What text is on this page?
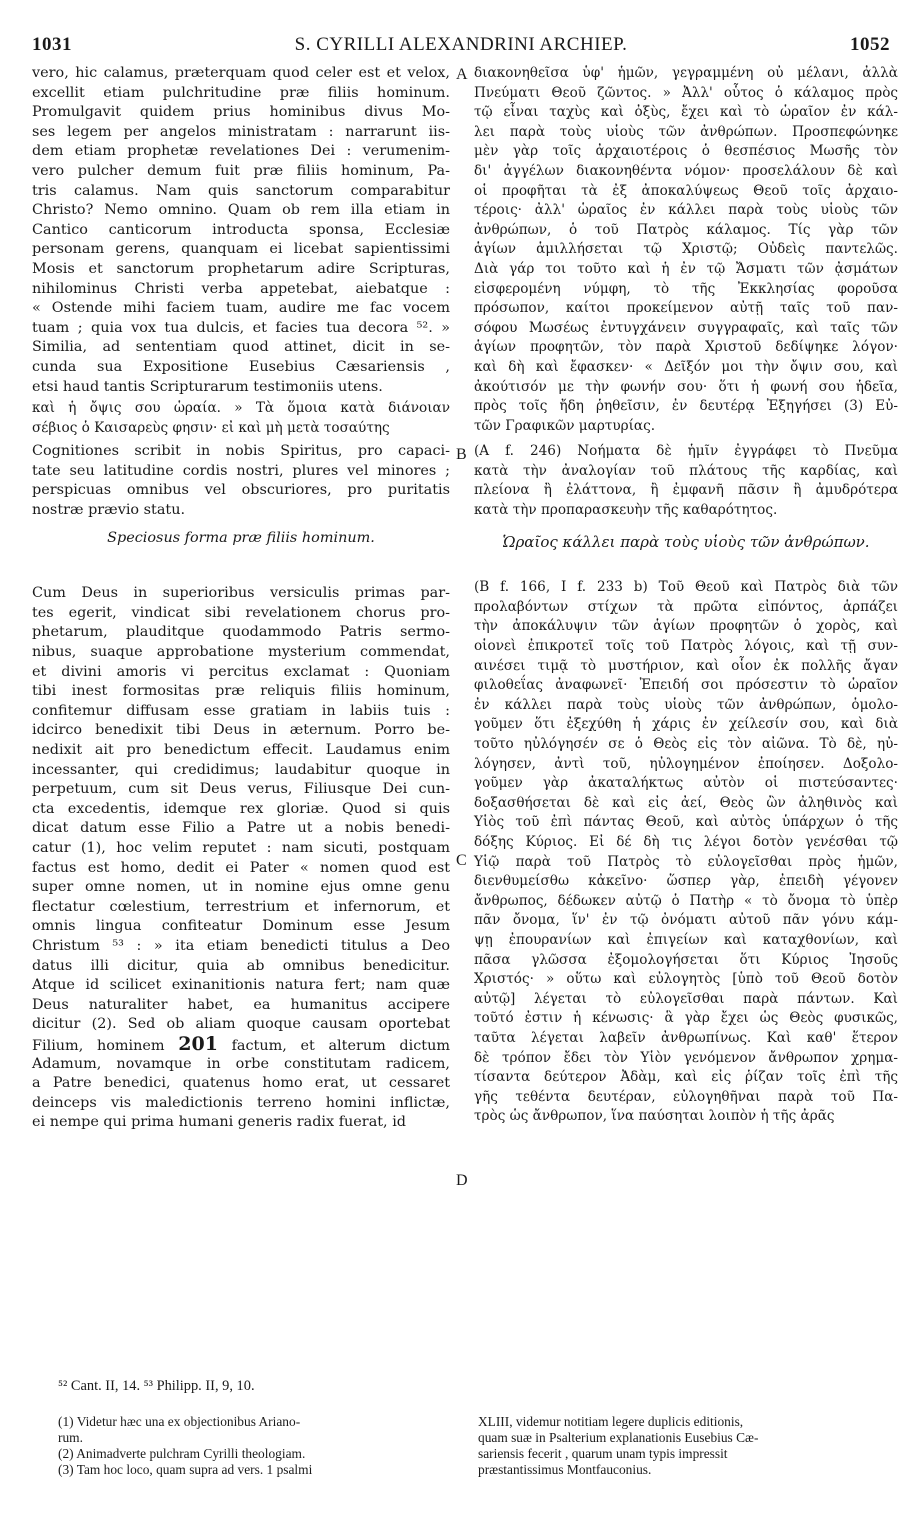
1031	S. CYRILLI ALEXANDRINI ARCHIEP.	1052
vero, hic calamus, præterquam quod celer est et velox,
excellit etiam pulchritudine præ filiis hominum.
Promulgavit quidem prius hominibus divus Mo-
ses legem per angelos ministratam : narrarunt iis-
dem etiam prophetæ revelationes Dei : verumenim-
vero pulcher demum fuit præ filiis hominum, Pa-
tris calamus. Nam quis sanctorum comparabitur
Christo? Nemo omnino. Quam ob rem illa etiam in
Cantico canticorum introducta sponsa, Ecclesiæ
personam gerens, quanquam ei licebat sapientissimi
Mosis et sanctorum prophetarum adire Scripturas,
nihilominus Christi verba appetebat, aiebatque :
« Ostende mihi faciem tuam, audire me fac vocem
tuam ; quia vox tua dulcis, et facies tua decora ⁵². »
Similia, ad sententiam quod attinet, dicit in se-
cunda sua Expositione Eusebius Cæsariensis ,
etsi haud tantis Scripturarum testimoniis utens.
καὶ ἡ ὄψις σου ὡραία. » Τὰ ὅμοια κατὰ διάνοιαν
σέβιος ὁ Καισαρεὺς φησιν· εἰ καὶ μὴ μετὰ τοσαύτης
Cognitiones scribit in nobis Spiritus, pro capaci-
tate seu latitudine cordis nostri, plures vel minores ;
perspicuas omnibus vel obscuriores, pro puritatis
nostræ prævio statu.
Speciosus forma præ filiis hominum.
Cum Deus in superioribus versiculis primas par-
tes egerit, vindicat sibi revelationem chorus pro-
phetarum, plauditque quodammodo Patris sermo-
nibus, suaque approbatione mysterium commendat,
et divini amoris vi percitus exclamat : Quoniam
tibi inest formositas præ reliquis filiis hominum,
confitemur diffusam esse gratiam in labiis tuis :
idcirco benedixit tibi Deus in æternum. Porro be-
nedixit ait pro benedictum effecit. Laudamus enim
incessanter, qui credidimus; laudabitur quoque in
perpetuum, cum sit Deus verus, Filiusque Dei cun-
cta excedentis, idemque rex gloriæ. Quod si quis
dicat datum esse Filio a Patre ut a nobis benedi-
catur (1), hoc velim reputet : nam sicuti, postquam
factus est homo, dedit ei Pater « nomen quod est
super omne nomen, ut in nomine ejus omne genu
flectatur cœlestium, terrestrium et infernorum, et
omnis lingua confiteatur Dominum esse Jesum
Christum ⁵³ : » ita etiam benedicti titulus a Deo
datus illi dicitur, quia ab omnibus benedicitur.
Atque id scilicet exinanitionis natura fert; nam quæ
Deus naturaliter habet, ea humanitus accipere
dicitur (2). Sed ob aliam quoque causam oportebat
Filium, hominem 201 factum, et alterum dictum
Adamum, novamque in orbe constitutam radicem,
a Patre benedici, quatenus homo erat, ut cessaret
deinceps vis maledictionis terreno homini inflictæ,
ei nempe qui prima humani generis radix fuerat, id
διακονηθεῖσα ὑφ' ἡμῶν, γεγραμμένη οὐ μέλανι, ἀλλὰ
Πνεύματι Θεοῦ ζῶντος. » Ἀλλ' οὗτος ὁ κάλαμος πρὸς
τῷ εἶναι ταχὺς καὶ ὀξὺς, ἔχει καὶ τὸ ὡραῖον ἐν κάλ-
λει παρὰ τοὺς υἱοὺς τῶν ἀνθρώπων. Προσπεφώνηκε
μὲν γὰρ τοῖς ἀρχαιοτέροις ὁ θεσπέσιος Μωσῆς τὸν
δι' ἀγγέλων διακονηθέντα νόμον· προσελάλουν δὲ καὶ
οἱ προφῆται τὰ ἐξ ἀποκαλύψεως Θεοῦ τοῖς ἀρχαιο-
τέροις· ἀλλ' ὡραῖος ἐν κάλλει παρὰ τοὺς υἱοὺς τῶν
ἀνθρώπων, ὁ τοῦ Πατρὸς κάλαμος. Τίς γὰρ τῶν
ἁγίων ἁμιλλήσεται τῷ Χριστῷ; Οὐδεὶς παντελῶς.
Διὰ γάρ τοι τοῦτο καὶ ἡ ἐν τῷ Ἄσματι τῶν ᾀσμάτων
εἰσφερομένη νύμφη, τὸ τῆς Ἐκκλησίας φοροῦσα
πρόσωπον, καίτοι προκείμενον αὐτῇ ταῖς τοῦ παν-
σόφου Μωσέως ἐντυγχάνειν συγγραφαῖς, καὶ ταῖς τῶν
ἁγίων προφητῶν, τὸν παρὰ Χριστοῦ δεδίψηκε λόγον·
καὶ δὴ καὶ ἔφασκεν· « Δεῖξόν μοι τὴν ὄψιν σου, καὶ
ἀκούτισόν με τὴν φωνήν σου· ὅτι ἡ φωνή σου ἡδεῖα,
πρὸς τοῖς ἤδη ῥηθεῖσιν, ἐν δευτέρᾳ Ἐξηγήσει (3) Εὐ-
τῶν Γραφικῶν μαρτυρίας.
(A f. 246) Νοήματα δὲ ἡμῖν ἐγγράφει τὸ Πνεῦμα
κατὰ τὴν ἀναλογίαν τοῦ πλάτους τῆς καρδίας, καὶ
πλείονα ἢ ἐλάττονα, ἢ ἐμφανῆ πᾶσιν ἢ ἀμυδρότερα
κατὰ τὴν προπαρασκευὴν τῆς καθαρότητος.
Ὡραῖος κάλλει παρὰ τοὺς υἱοὺς τῶν ἀνθρώπων.
(B f. 166, I f. 233 b) Τοῦ Θεοῦ καὶ Πατρὸς διὰ τῶν
προλαβόντων στίχων τὰ πρῶτα εἰπόντος, ἁρπάζει
τὴν ἀποκάλυψιν τῶν ἁγίων προφητῶν ὁ χορὸς, καὶ
οἱονεὶ ἐπικροτεῖ τοῖς τοῦ Πατρὸς λόγοις, καὶ τῇ συν-
αινέσει τιμᾷ τὸ μυστήριον, καὶ οἷον ἐκ πολλῆς ἄγαν
φιλοθεΐας ἀναφωνεῖ· Ἐπειδή σοι πρόσεστιν τὸ ὡραῖον
ἐν κάλλει παρὰ τοὺς υἱοὺς τῶν ἀνθρώπων, ὁμολο-
γοῦμεν ὅτι ἐξεχύθη ἡ χάρις ἐν χείλεσίν σου, καὶ διὰ
τοῦτο ηὐλόγησέν σε ὁ Θεὸς εἰς τὸν αἰῶνα. Τὸ δὲ, ηὐ-
λόγησεν, ἀντὶ τοῦ, ηὐλογημένον ἐποίησεν. Δοξολο-
γοῦμεν γὰρ ἀκαταλήκτως αὐτὸν οἱ πιστεύσαντες·
δοξασθήσεται δὲ καὶ εἰς ἀεί, Θεὸς ὢν ἀληθινὸς καὶ
Υἱὸς τοῦ ἐπὶ πάντας Θεοῦ, καὶ αὐτὸς ὑπάρχων ὁ τῆς
δόξης Κύριος. Εἰ δέ δὴ τις λέγοι δοτὸν γενέσθαι τῷ
Υἱῷ παρὰ τοῦ Πατρὸς τὸ εὐλογεῖσθαι πρὸς ἡμῶν,
διενθυμείσθω κἀκεῖνο· ὥσπερ γὰρ, ἐπειδὴ γέγονεν
ἄνθρωπος, δέδωκεν αὐτῷ ὁ Πατὴρ « τὸ ὄνομα τὸ ὑπὲρ
πᾶν ὄνομα, ἵν' ἐν τῷ ὀνόματι αὐτοῦ πᾶν γόνυ κάμ-
ψῃ ἐπουρανίων καὶ ἐπιγείων καὶ καταχθονίων, καὶ
πᾶσα γλῶσσα ἐξομολογήσεται ὅτι Κύριος Ἰησοῦς
Χριστός· » οὕτω καὶ εὐλογητὸς [ὑπὸ τοῦ Θεοῦ δοτὸν
αὐτῷ] λέγεται τὸ εὐλογεῖσθαι παρὰ πάντων. Καὶ
τοῦτό ἐστιν ἡ κένωσις· ἃ γὰρ ἔχει ὡς Θεὸς φυσικῶς,
ταῦτα λέγεται λαβεῖν ἀνθρωπίνως. Καὶ καθ' ἕτερον
δὲ τρόπον ἔδει τὸν Υἱὸν γενόμενον ἄνθρωπον χρημα-
τίσαντα δεύτερον Ἀδὰμ, καὶ εἰς ῥίζαν τοῖς ἐπὶ τῆς
γῆς τεθέντα δευτέραν, εὐλογηθῆναι παρὰ τοῦ Πα-
τρὸς ὡς ἄνθρωπον, ἵνα παύσηται λοιπὸν ἡ τῆς ἀρᾶς
A
B
C
D
⁵² Cant. II, 14. ⁵³ Philipp. II, 9, 10.
(1) Videtur hæc una ex objectionibus Ariano-
rum.
(2) Animadverte pulchram Cyrilli theologiam.
(3) Tam hoc loco, quam supra ad vers. 1 psalmi
XLIII, videmur notitiam legere duplicis editionis,
quam suæ in Psalterium explanationis Eusebius Cæ-
sariensis fecerit , quarum unam typis impressit
præstantissimus Montfauconius.
